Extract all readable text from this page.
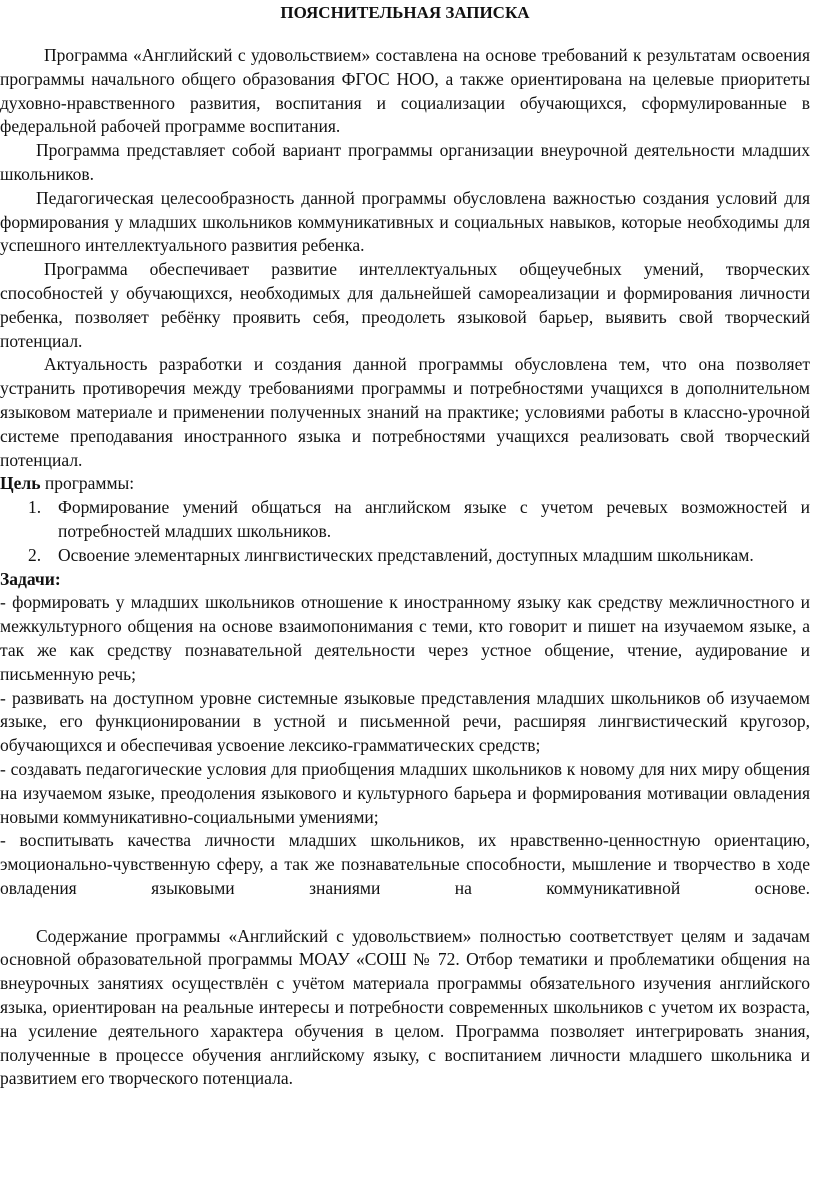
ПОЯСНИТЕЛЬНАЯ ЗАПИСКА

Программа «Английский с удовольствием» составлена на основе требований к результатам освоения программы начального общего образования ФГОС НОО, а также ориентирована на целевые приоритеты духовно-нравственного развития, воспитания и социализации обучающихся, сформулированные в федеральной рабочей программе воспитания.

Программа представляет собой вариант программы организации внеурочной деятельности младших школьников.

Педагогическая целесообразность данной программы обусловлена важностью создания условий для формирования у младших школьников коммуникативных и социальных навыков, которые необходимы для успешного интеллектуального развития ребенка.

Программа обеспечивает развитие интеллектуальных общеучебных умений, творческих способностей у обучающихся, необходимых для дальнейшей самореализации и формирования личности ребенка, позволяет ребёнку проявить себя, преодолеть языковой барьер, выявить свой творческий потенциал.

Актуальность разработки и создания данной программы обусловлена тем, что она позволяет устранить противоречия между требованиями программы и потребностями учащихся в дополнительном языковом материале и применении полученных знаний на практике; условиями работы в классно-урочной системе преподавания иностранного языка и потребностями учащихся реализовать свой творческий потенциал.

Цель программы:

1. Формирование умений общаться на английском языке с учетом речевых возможностей и потребностей младших школьников.
2. Освоение элементарных лингвистических представлений, доступных младшим школьникам.

Задачи:

- формировать у младших школьников отношение к иностранному языку как средству межличностного и межкультурного общения на основе взаимопонимания с теми, кто говорит и пишет на изучаемом языке, а так же как средству познавательной деятельности через устное общение, чтение, аудирование и письменную речь;

- развивать на доступном уровне системные языковые представления младших школьников об изучаемом языке, его функционировании в устной и письменной речи, расширяя лингвистический кругозор, обучающихся и обеспечивая усвоение лексико-грамматических средств;

- создавать педагогические условия для приобщения младших школьников к новому для них миру общения на изучаемом языке, преодоления языкового и культурного барьера и формирования мотивации овладения новыми коммуникативно-социальными умениями;

- воспитывать качества личности младших школьников, их нравственно-ценностную ориентацию, эмоционально-чувственную сферу, а так же познавательные способности, мышление и творчество в ходе овладения языковыми знаниями на коммуникативной основе.

Содержание программы «Английский с удовольствием» полностью соответствует целям и задачам основной образовательной программы МОАУ «СОШ № 72. Отбор тематики и проблематики общения на внеурочных занятиях осуществлён с учётом материала программы обязательного изучения английского языка, ориентирован на реальные интересы и потребности современных школьников с учетом их возраста, на усиление деятельного характера обучения в целом. Программа позволяет интегрировать знания, полученные в процессе обучения английскому языку, с воспитанием личности младшего школьника и развитием его творческого потенциала.
